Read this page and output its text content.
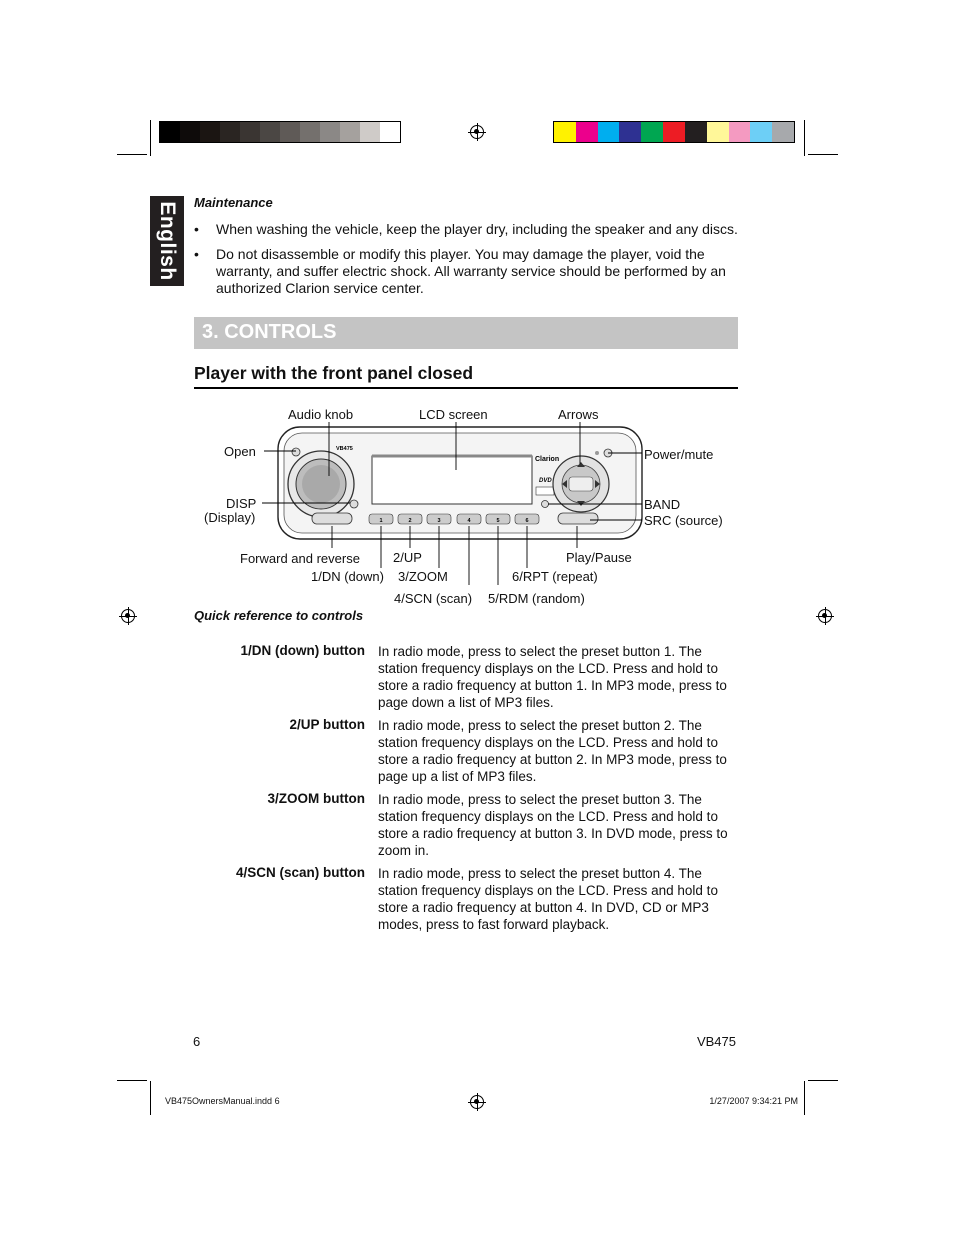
English Maintenance
• When washing the vehicle, keep the player dry, including the speaker and any discs.
• Do not disassemble or modify this player. You may damage the player, void the warranty, and suffer electric shock. All warranty service should be performed by an authorized Clarion service center.
3. CONTROLS
Player with the front panel closed
VB475
Clarion
DVD
1	2	3	4	5	6
Audio knob	LCD screen	Arrows
Open	Power/mute
DISP
(Display)
BAND
SRC (source)
Forward and reverse	2/UP	Play/Pause
1/DN (down) 3/ZOOM	6/RPT (repeat)
4/SCN (scan) 5/RDM (random)
Quick reference to controls
1/DN (down) button In radio mode, press to select the preset button 1. The station frequency displays on the LCD. Press and hold to store a radio frequency at button 1. In MP3 mode, press to page down a list of MP3 files.
2/UP button In radio mode, press to select the preset button 2. The station frequency displays on the LCD. Press and hold to store a radio frequency at button 2. In MP3 mode, press to page up a list of MP3 files.
3/ZOOM button In radio mode, press to select the preset button 3. The station frequency displays on the LCD. Press and hold to store a radio frequency at button 3. In DVD mode, press to zoom in.
4/SCN (scan) button In radio mode, press to select the preset button 4. The station frequency displays on the LCD. Press and hold to store a radio frequency at button 4. In DVD, CD or MP3 modes, press to fast forward playback.
6	VB475
VB475OwnersManual.indd 6	1/27/2007 9:34:21 PM
